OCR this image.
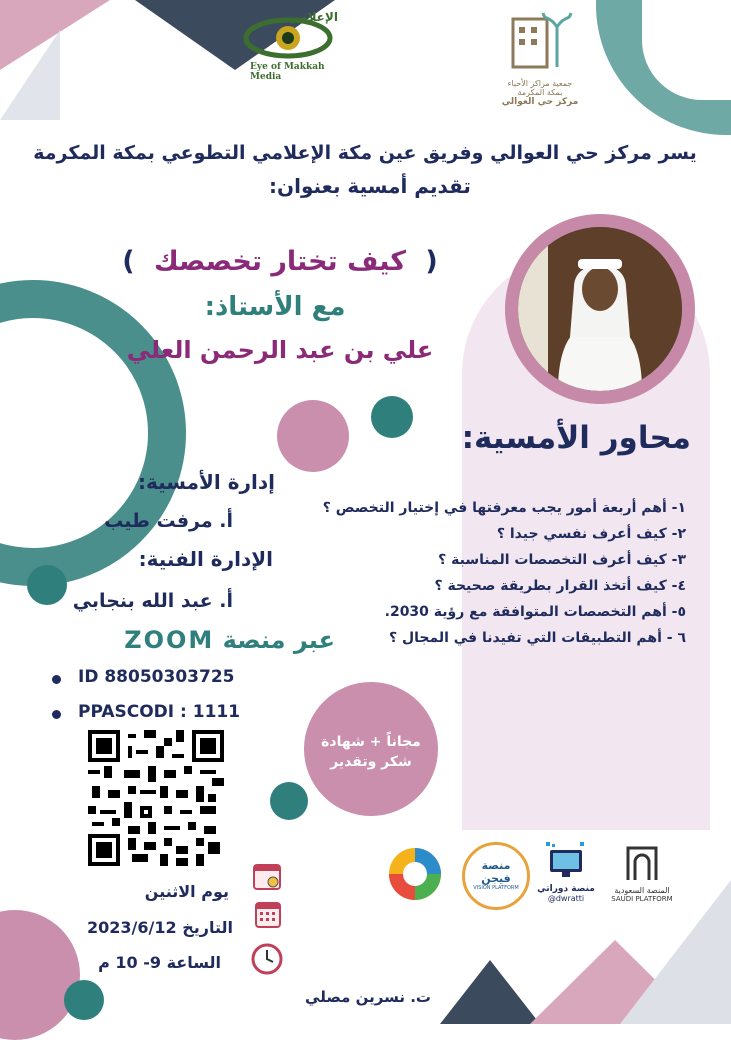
الإعلامي
Eye of Makkah Media
جمعية مراكز الأحياء
بمكة المكرمة
مركز حي العوالي
يسر مركز حي العوالي وفريق عين مكة الإعلامي التطوعي بمكة المكرمة
تقديم أمسية بعنوان:
( كيف تختار تخصصك )
مع الأستاذ:
علي بن عبد الرحمن العلي
محاور الأمسية:
١- أهم أربعة أمور يجب معرفتها في إختيار التخصص ؟
٢- كيف أعرف نفسي جيدا ؟
٣- كيف أعرف التخصصات المناسبة ؟
٤- كيف أتخذ القرار بطريقة صحيحة ؟
٥- أهم التخصصات المتوافقة مع رؤية 2030.
٦ - أهم التطبيقات التي تفيدنا في المجال ؟
إدارة الأمسية:
أ. مرفت طيب
الإدارة الفنية:
أ. عبد الله بنجابي
عبر منصة ZOOM
ID 88050303725
PPASCODI : 1111
مجاناً + شهادة
شكر وتقدير
يوم الاثنين
التاريخ 2023/6/12
الساعة 9- 10 م
منصة فيجن
VISION PLATFORM	منصة دوراتي
@dwratti
المنصة السعودية
SAUDI PLATFORM
ت. نسرين مصلي
